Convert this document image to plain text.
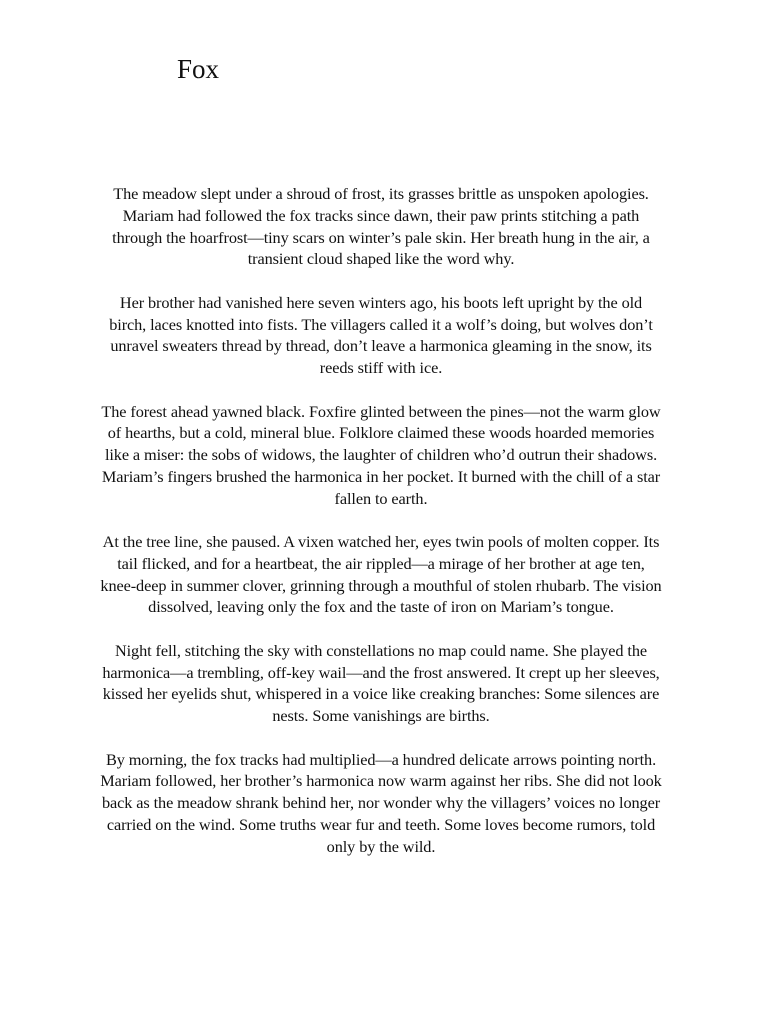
Fox

The meadow slept under a shroud of frost, its grasses brittle as unspoken apologies. Mariam had followed the fox tracks since dawn, their paw prints stitching a path through the hoarfrost—tiny scars on winter’s pale skin. Her breath hung in the air, a transient cloud shaped like the word why.

Her brother had vanished here seven winters ago, his boots left upright by the old birch, laces knotted into fists. The villagers called it a wolf’s doing, but wolves don’t unravel sweaters thread by thread, don’t leave a harmonica gleaming in the snow, its reeds stiff with ice.

The forest ahead yawned black. Foxfire glinted between the pines—not the warm glow of hearths, but a cold, mineral blue. Folklore claimed these woods hoarded memories like a miser: the sobs of widows, the laughter of children who’d outrun their shadows. Mariam’s fingers brushed the harmonica in her pocket. It burned with the chill of a star fallen to earth.

At the tree line, she paused. A vixen watched her, eyes twin pools of molten copper. Its tail flicked, and for a heartbeat, the air rippled—a mirage of her brother at age ten, knee-deep in summer clover, grinning through a mouthful of stolen rhubarb. The vision dissolved, leaving only the fox and the taste of iron on Mariam’s tongue.

Night fell, stitching the sky with constellations no map could name. She played the harmonica—a trembling, off-key wail—and the frost answered. It crept up her sleeves, kissed her eyelids shut, whispered in a voice like creaking branches: Some silences are nests. Some vanishings are births.

By morning, the fox tracks had multiplied—a hundred delicate arrows pointing north. Mariam followed, her brother’s harmonica now warm against her ribs. She did not look back as the meadow shrank behind her, nor wonder why the villagers’ voices no longer carried on the wind. Some truths wear fur and teeth. Some loves become rumors, told only by the wild.
